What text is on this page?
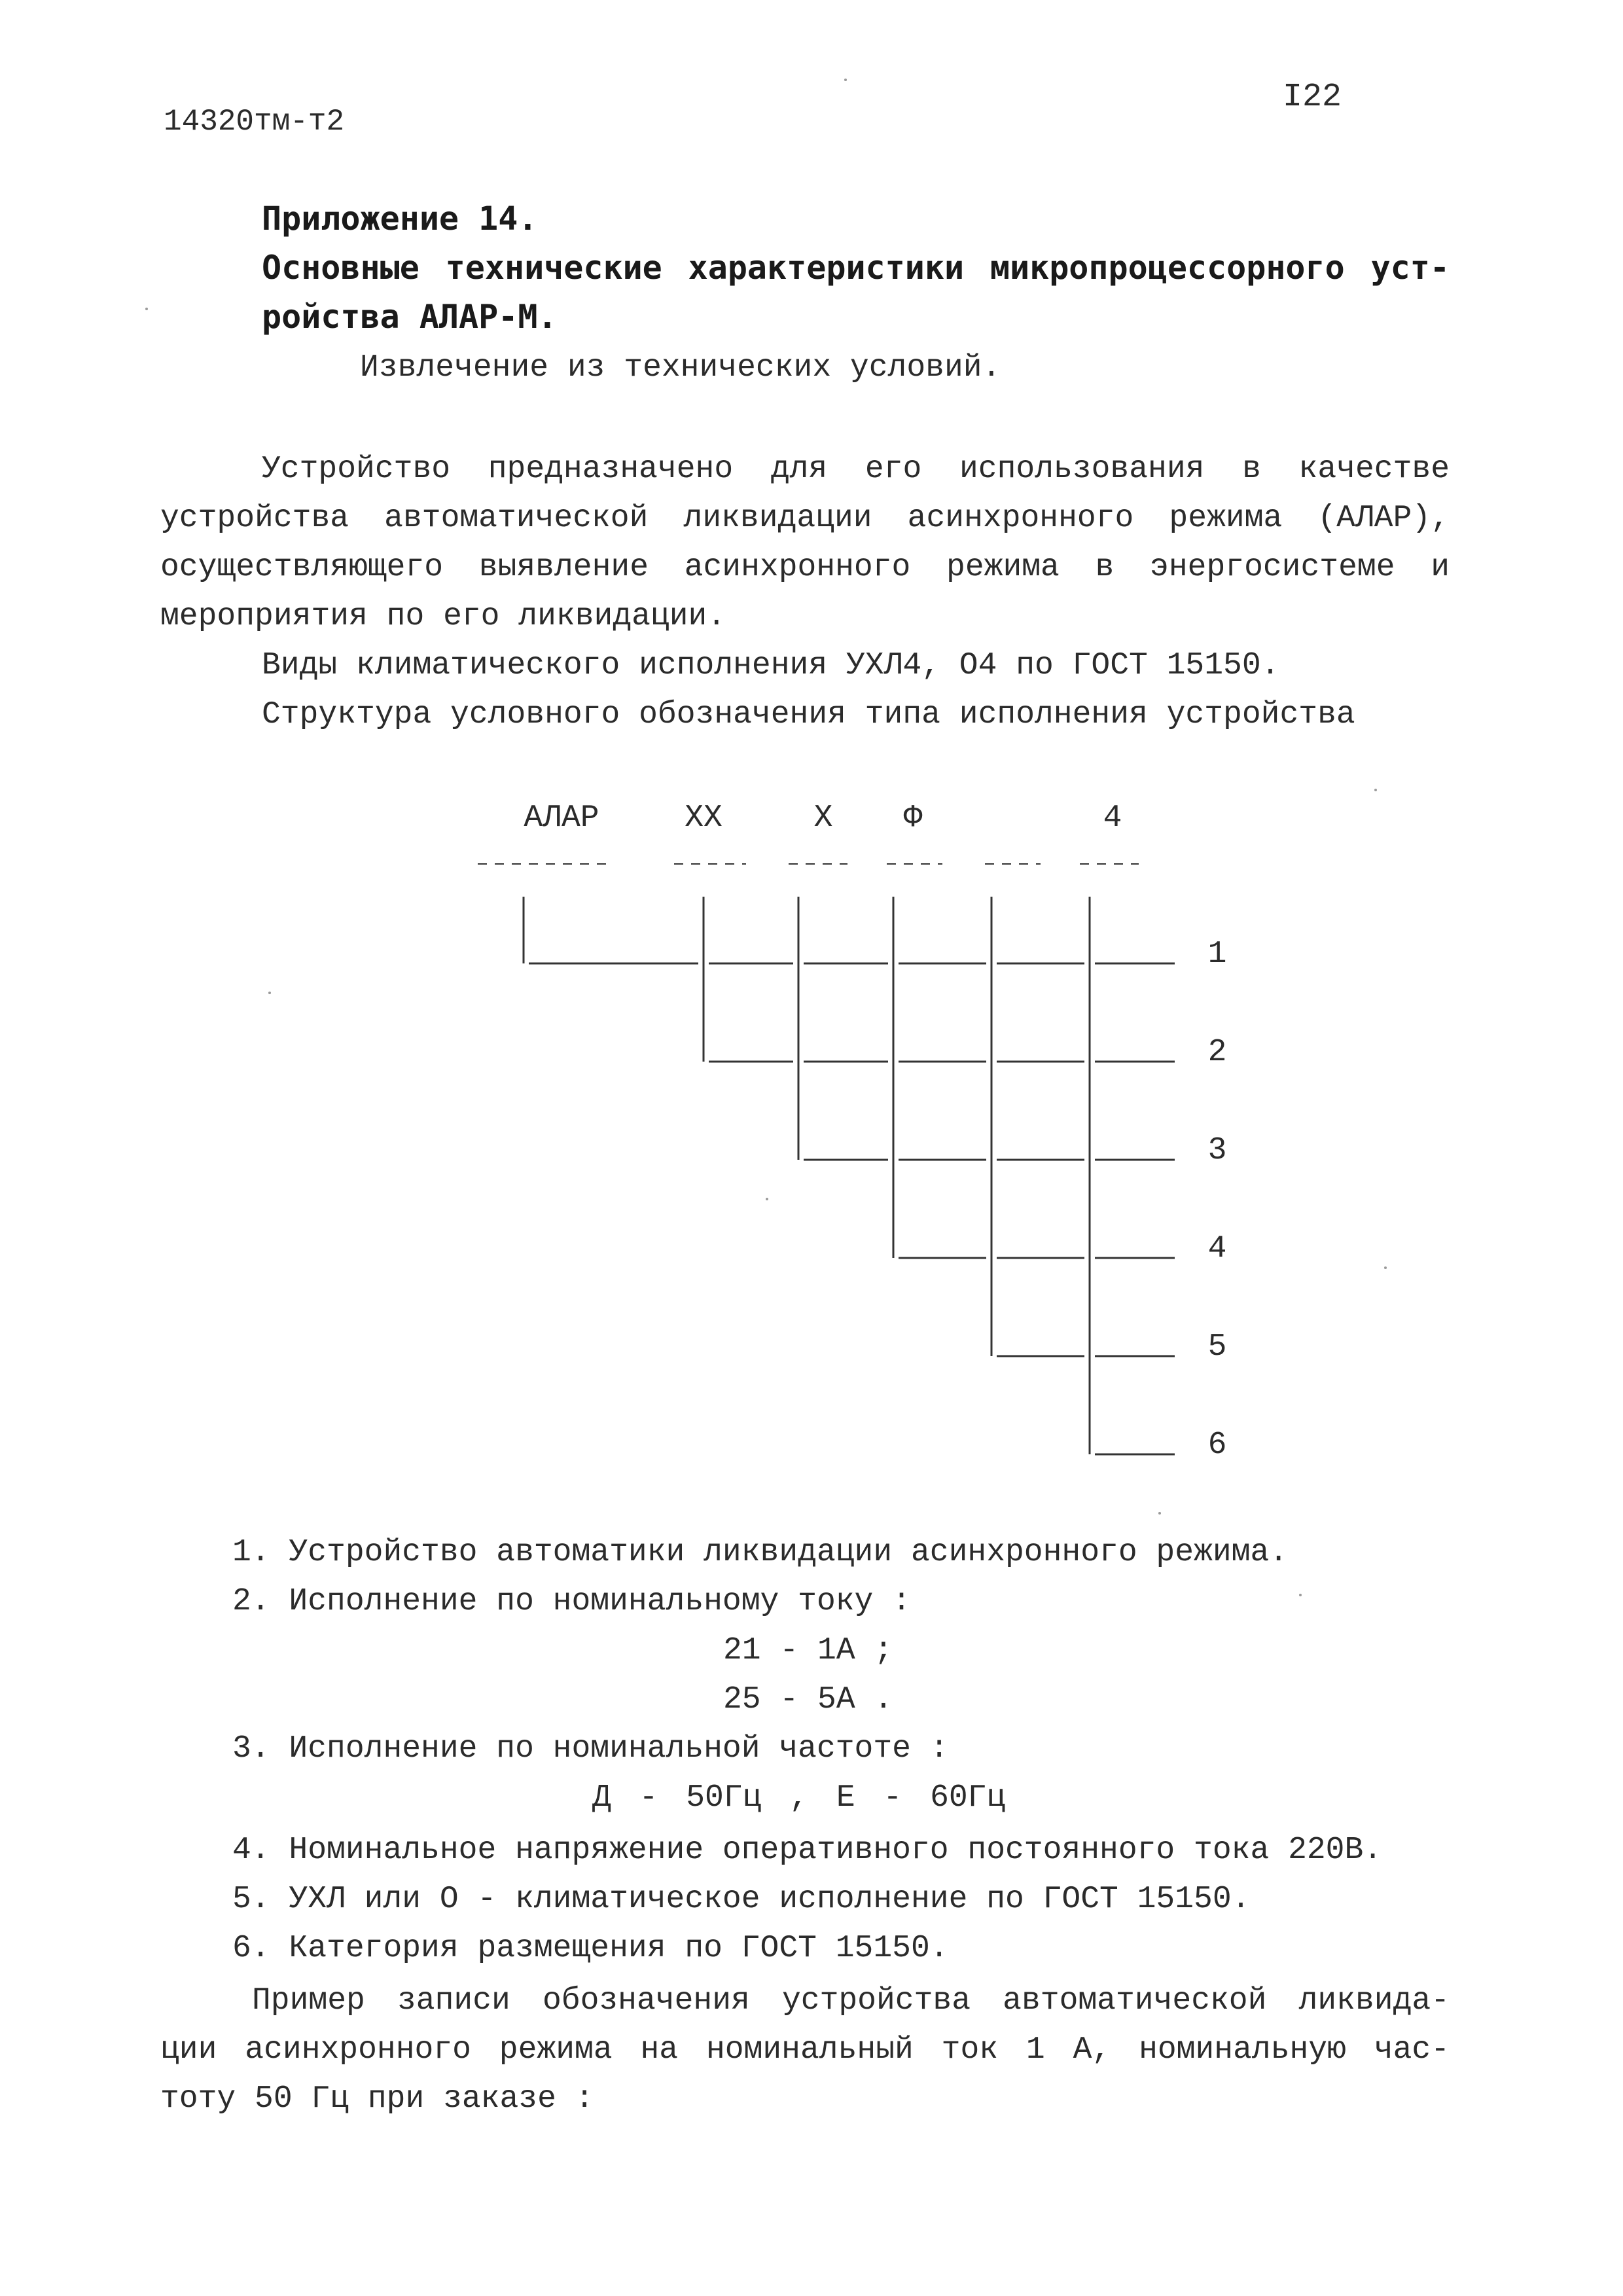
14320тм-т2
I22
Приложение 14.
Основные технические характеристики микропроцессорного уст-
ройства АЛАР-М.
Извлечение из технических условий.
Устройство предназначено для его использования в качестве
устройства автоматической ликвидации асинхронного режима (АЛАР),
осуществляющего выявление асинхронного режима в энергосистеме и
мероприятия по его ликвидации.
Виды климатического исполнения УХЛ4, О4 по ГОСТ 15150.
Структура условного обозначения типа исполнения устройства
АЛАР	XX	X Ф	4
1
2
3
4
5
6
1. Устройство автоматики ликвидации асинхронного режима.
2. Исполнение по номинальному току :
21 - 1А ;
25 - 5А .
3. Исполнение по номинальной частоте :
Д - 50Гц , Е - 60Гц
4. Номинальное напряжение оперативного постоянного тока 220В.
5. УХЛ или О - климатическое исполнение по ГОСТ 15150.
6. Категория размещения по ГОСТ 15150.
Пример записи обозначения устройства автоматической ликвида-
ции асинхронного режима на номинальный ток 1 А, номинальную час-
тоту 50 Гц при заказе :
